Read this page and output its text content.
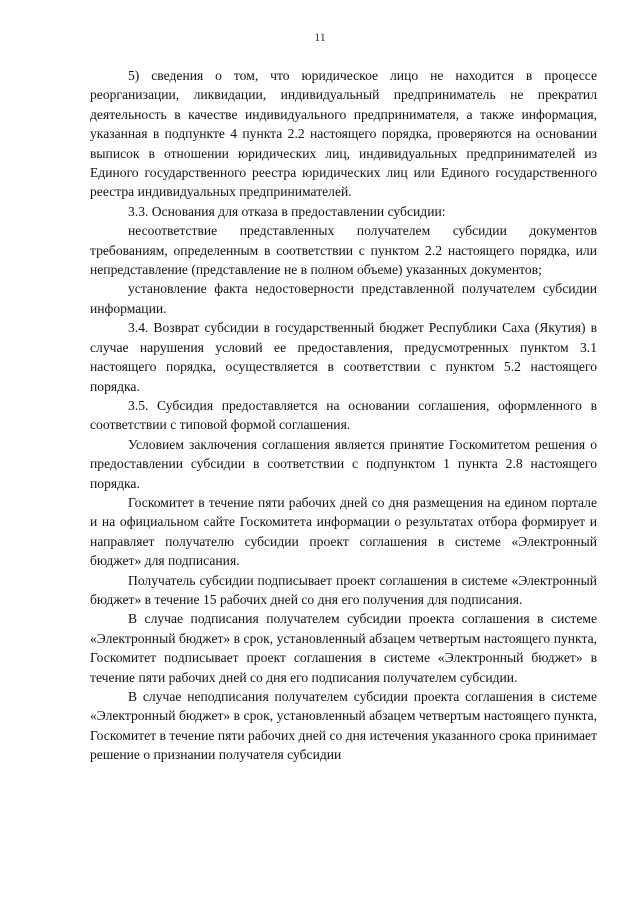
11

5) сведения о том, что юридическое лицо не находится в процессе реорганизации, ликвидации, индивидуальный предприниматель не прекратил деятельность в качестве индивидуального предпринимателя, а также информация, указанная в подпункте 4 пункта 2.2 настоящего порядка, проверяются на основании выписок в отношении юридических лиц, индивидуальных предпринимателей из Единого государственного реестра юридических лиц или Единого государственного реестра индивидуальных предпринимателей.

3.3. Основания для отказа в предоставлении субсидии:

несоответствие представленных получателем субсидии документов требованиям, определенным в соответствии с пунктом 2.2 настоящего порядка, или непредставление (представление не в полном объеме) указанных документов;

установление факта недостоверности представленной получателем субсидии информации.

3.4. Возврат субсидии в государственный бюджет Республики Саха (Якутия) в случае нарушения условий ее предоставления, предусмотренных пунктом 3.1 настоящего порядка, осуществляется в соответствии с пунктом 5.2 настоящего порядка.

3.5. Субсидия предоставляется на основании соглашения, оформленного в соответствии с типовой формой соглашения.

Условием заключения соглашения является принятие Госкомитетом решения о предоставлении субсидии в соответствии с подпунктом 1 пункта 2.8 настоящего порядка.

Госкомитет в течение пяти рабочих дней со дня размещения на едином портале и на официальном сайте Госкомитета информации о результатах отбора формирует и направляет получателю субсидии проект соглашения в системе «Электронный бюджет» для подписания.

Получатель субсидии подписывает проект соглашения в системе «Электронный бюджет» в течение 15 рабочих дней со дня его получения для подписания.

В случае подписания получателем субсидии проекта соглашения в системе «Электронный бюджет» в срок, установленный абзацем четвертым настоящего пункта, Госкомитет подписывает проект соглашения в системе «Электронный бюджет» в течение пяти рабочих дней со дня его подписания получателем субсидии.

В случае неподписания получателем субсидии проекта соглашения в системе «Электронный бюджет» в срок, установленный абзацем четвертым настоящего пункта, Госкомитет в течение пяти рабочих дней со дня истечения указанного срока принимает решение о признании получателя субсидии
